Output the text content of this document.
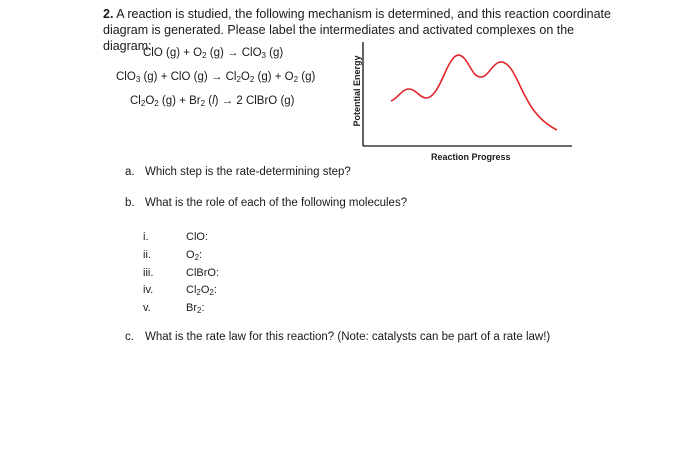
2. A reaction is studied, the following mechanism is determined, and this reaction coordinate diagram is generated. Please label the intermediates and activated complexes on the diagram:
ClO $(g) + O_2$ (g) → ClO$_3$ (g)
ClO$_3$ (g) + ClO $(g) \to Cl_2O_2$ $(g) + O_2$ (g)
$Cl_2O_2$ $(g) + Br_2$ (l) → 2 ClBrO (g)	Potential Energy
Reaction Progress
a. Which step is the rate-determining step?
b. What is the role of each of the following molecules?
i.	ClO:
ii.	$O_2$:
iii.	ClBrO:
iv.	$Cl_2O_2$:
v.	$Br_2$:
c. What is the rate law for this reaction? (Note: catalysts can be part of a rate law!)
